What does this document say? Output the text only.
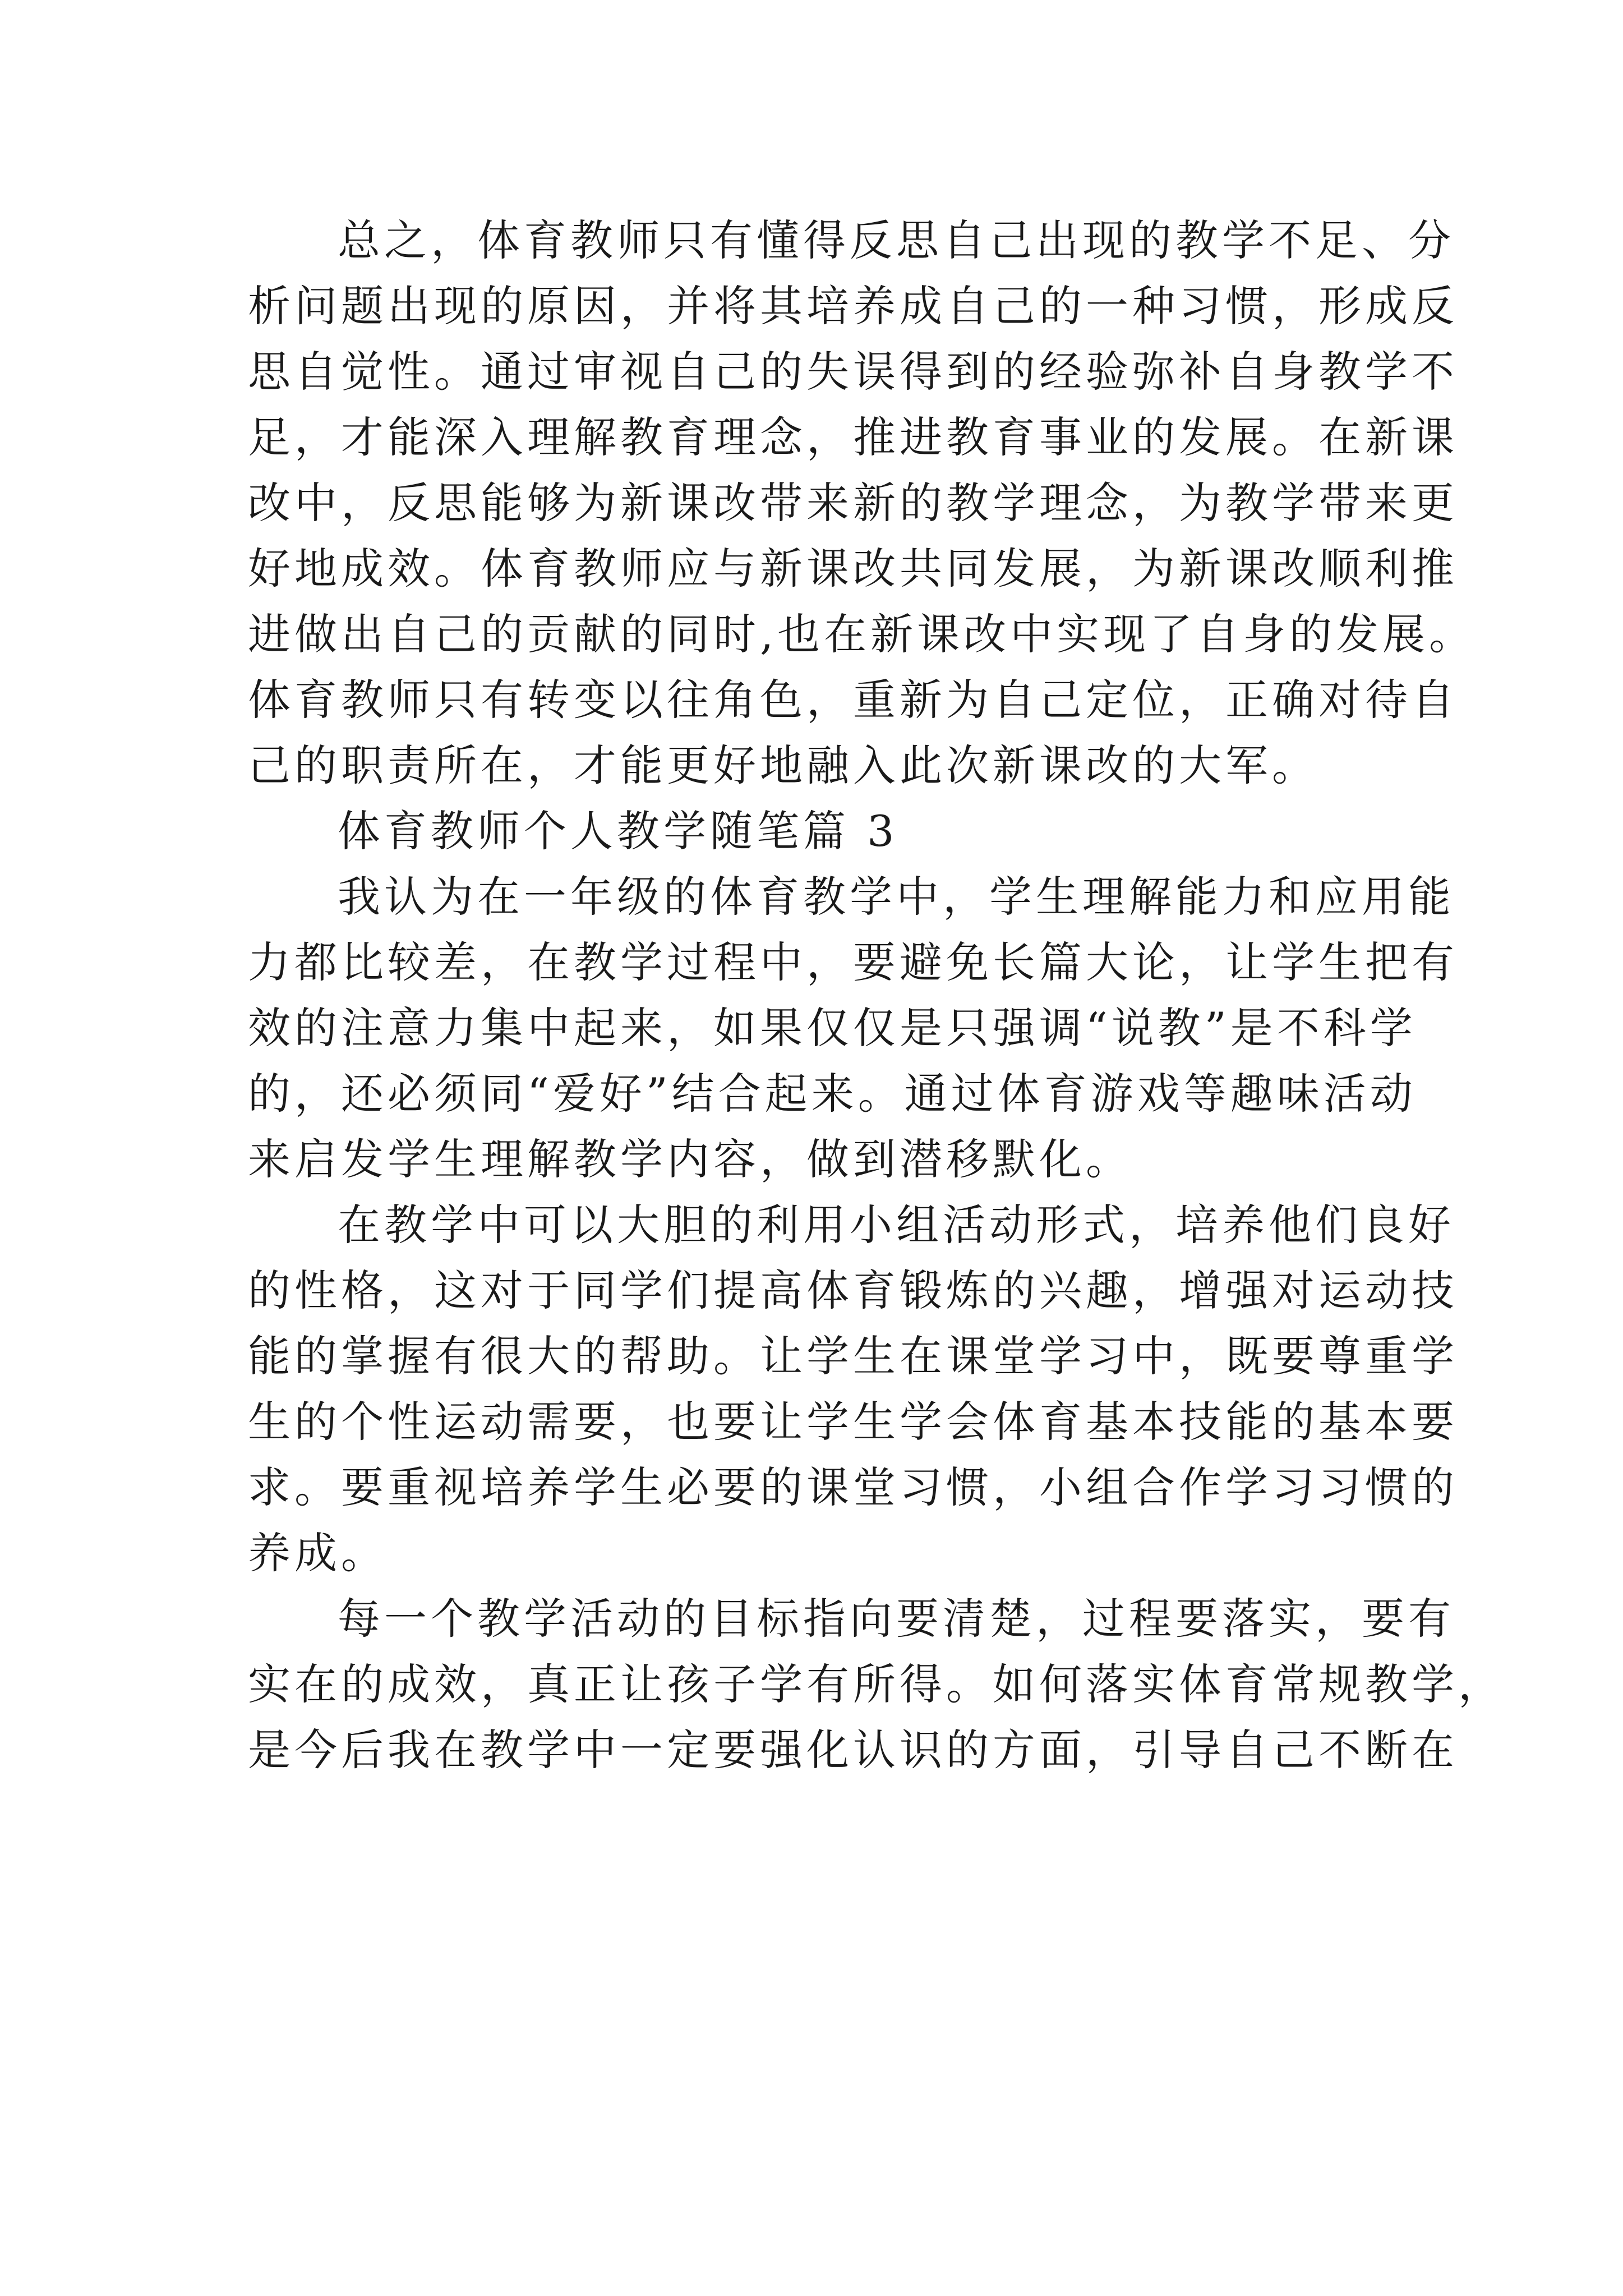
总之，体育教师只有懂得反思自己出现的教学不足、分
析问题出现的原因，并将其培养成自己的一种习惯，形成反
思自觉性。通过审视自己的失误得到的经验弥补自身教学不
足，才能深入理解教育理念，推进教育事业的发展。在新课
改中，反思能够为新课改带来新的教学理念，为教学带来更
好地成效。体育教师应与新课改共同发展，为新课改顺利推
进做出自己的贡献的同时,也在新课改中实现了自身的发展。
体育教师只有转变以往角色，重新为自己定位，正确对待自
己的职责所在，才能更好地融入此次新课改的大军。
体育教师个人教学随笔篇 3
我认为在一年级的体育教学中，学生理解能力和应用能
力都比较差，在教学过程中，要避免长篇大论，让学生把有
效的注意力集中起来，如果仅仅是只强调“说教”是不科学
的，还必须同“爱好”结合起来。通过体育游戏等趣味活动
来启发学生理解教学内容，做到潜移默化。
在教学中可以大胆的利用小组活动形式，培养他们良好
的性格，这对于同学们提高体育锻炼的兴趣，增强对运动技
能的掌握有很大的帮助。让学生在课堂学习中，既要尊重学
生的个性运动需要，也要让学生学会体育基本技能的基本要
求。要重视培养学生必要的课堂习惯，小组合作学习习惯的
养成。
每一个教学活动的目标指向要清楚，过程要落实，要有
实在的成效，真正让孩子学有所得。如何落实体育常规教学，
是今后我在教学中一定要强化认识的方面，引导自己不断在
